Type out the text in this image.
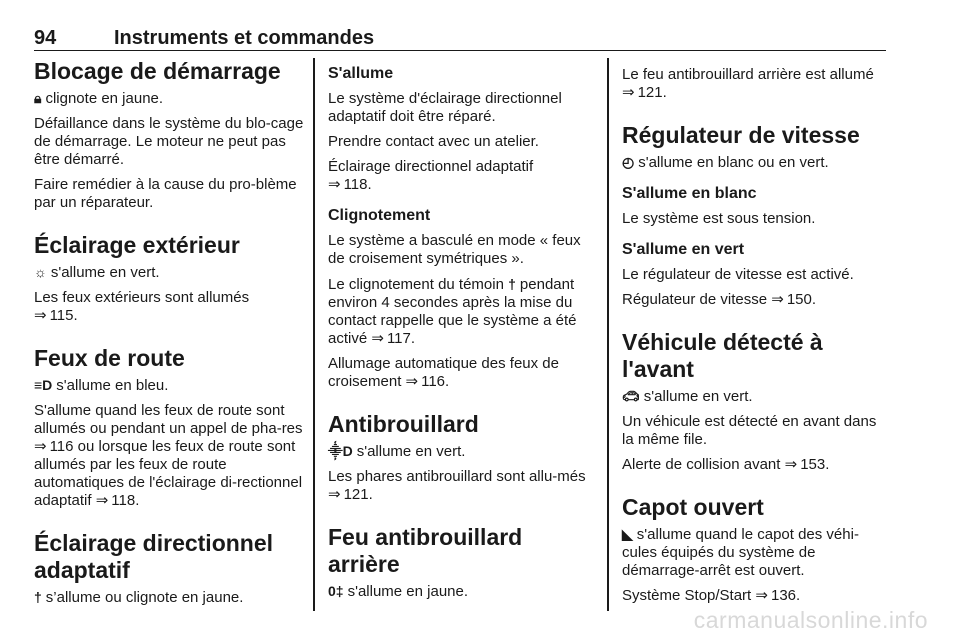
94	Instruments et commandes
Blocage de démarrage

🔒︎ clignote en jaune.

Défaillance dans le système du blo-cage de démarrage. Le moteur ne peut pas être démarré.

Faire remédier à la cause du pro-blème par un réparateur.

Éclairage extérieur

☼ s'allume en vert.

Les feux extérieurs sont allumés
⇒ 115.

Feux de route

≡D s'allume en bleu.

S'allume quand les feux de route sont allumés ou pendant un appel de pha-res ⇒ 116 ou lorsque les feux de route sont allumés par les feux de route automatiques de l'éclairage di-rectionnel adaptatif ⇒ 118.

Éclairage directionnel adaptatif

† s’allume ou clignote en jaune.

S'allume

Le système d'éclairage directionnel adaptatif doit être réparé.

Prendre contact avec un atelier.

Éclairage directionnel adaptatif
⇒ 118.

Clignotement

Le système a basculé en mode « feux de croisement symétriques ».

Le clignotement du témoin † pendant environ 4 secondes après la mise du contact rappelle que le système a été activé ⇒ 117.

Allumage automatique des feux de croisement ⇒ 116.

Antibrouillard

⸎D s'allume en vert.

Les phares antibrouillard sont allu-més ⇒ 121.

Feu antibrouillard arrière

0‡ s'allume en jaune.

Le feu antibrouillard arrière est allumé
⇒ 121.

Régulateur de vitesse

◴ s'allume en blanc ou en vert.

S'allume en blanc

Le système est sous tension.

S'allume en vert

Le régulateur de vitesse est activé.

Régulateur de vitesse ⇒ 150.

Véhicule détecté à l'avant

🚗︎ s'allume en vert.

Un véhicule est détecté en avant dans la même file.

Alerte de collision avant ⇒ 153.

Capot ouvert

◣ s'allume quand le capot des véhi-cules équipés du système de démarrage-arrêt est ouvert.

Système Stop/Start ⇒ 136.

carmanualsonline.info
